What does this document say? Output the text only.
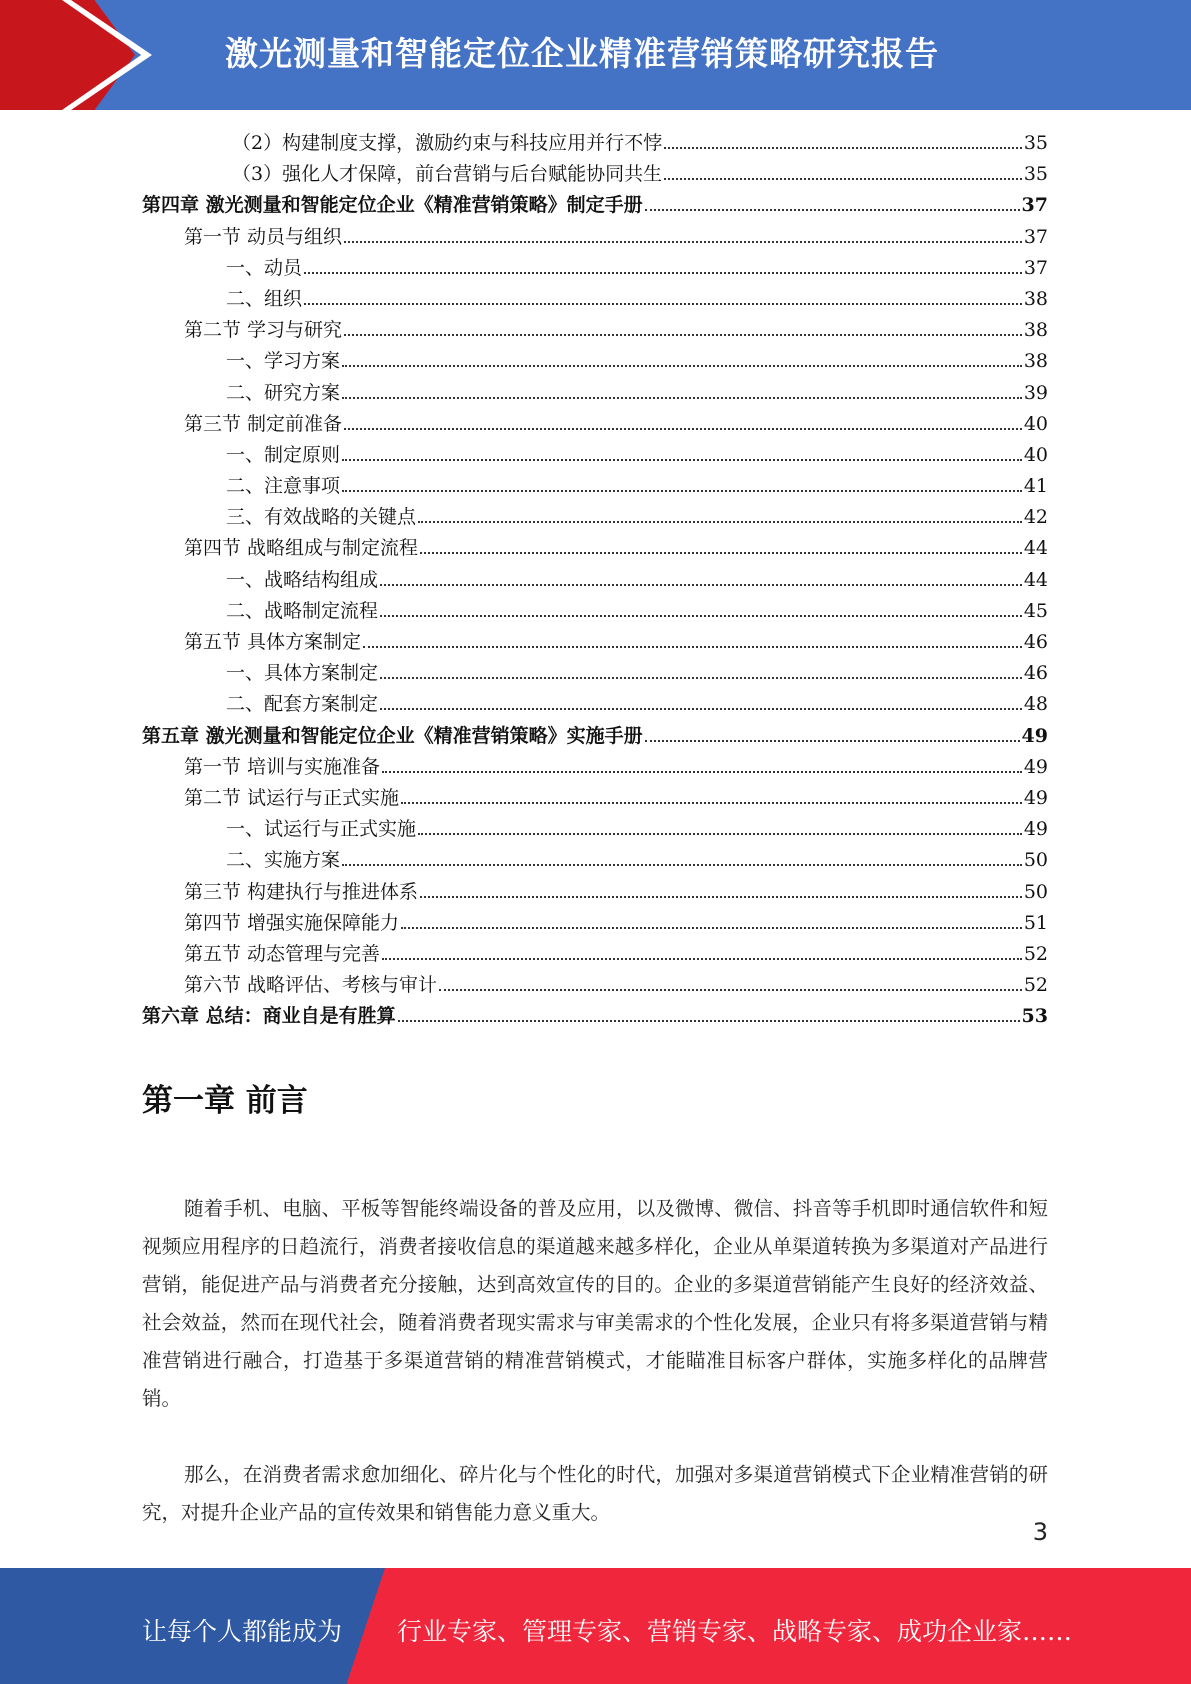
激光测量和智能定位企业精准营销策略研究报告
（2）构建制度支撑，激励约束与科技应用并行不悖	35
（3）强化人才保障，前台营销与后台赋能协同共生	35
第四章 激光测量和智能定位企业《精准营销策略》制定手册	37
第一节 动员与组织	37
一、动员	37
二、组织	38
第二节 学习与研究	38
一、学习方案	38
二、研究方案	39
第三节 制定前准备	40
一、制定原则	40
二、注意事项	41
三、有效战略的关键点	42
第四节 战略组成与制定流程	44
一、战略结构组成	44
二、战略制定流程	45
第五节 具体方案制定	46
一、具体方案制定	46
二、配套方案制定	48
第五章 激光测量和智能定位企业《精准营销策略》实施手册	49
第一节 培训与实施准备	49
第二节 试运行与正式实施	49
一、试运行与正式实施	49
二、实施方案	50
第三节 构建执行与推进体系	50
第四节 增强实施保障能力	51
第五节 动态管理与完善	52
第六节 战略评估、考核与审计	52
第六章 总结：商业自是有胜算	53
第一章 前言

随着手机、电脑、平板等智能终端设备的普及应用，以及微博、微信、抖音等手机即时通信软件和短视频应用程序的日趋流行，消费者接收信息的渠道越来越多样化，企业从单渠道转换为多渠道对产品进行营销，能促进产品与消费者充分接触，达到高效宣传的目的。企业的多渠道营销能产生良好的经济效益、社会效益，然而在现代社会，随着消费者现实需求与审美需求的个性化发展，企业只有将多渠道营销与精准营销进行融合，打造基于多渠道营销的精准营销模式，才能瞄准目标客户群体，实施多样化的品牌营销。

那么，在消费者需求愈加细化、碎片化与个性化的时代，加强对多渠道营销模式下企业精准营销的研究，对提升企业产品的宣传效果和销售能力意义重大。

3
让每个人都能成为 行业专家、管理专家、营销专家、战略专家、成功企业家……
